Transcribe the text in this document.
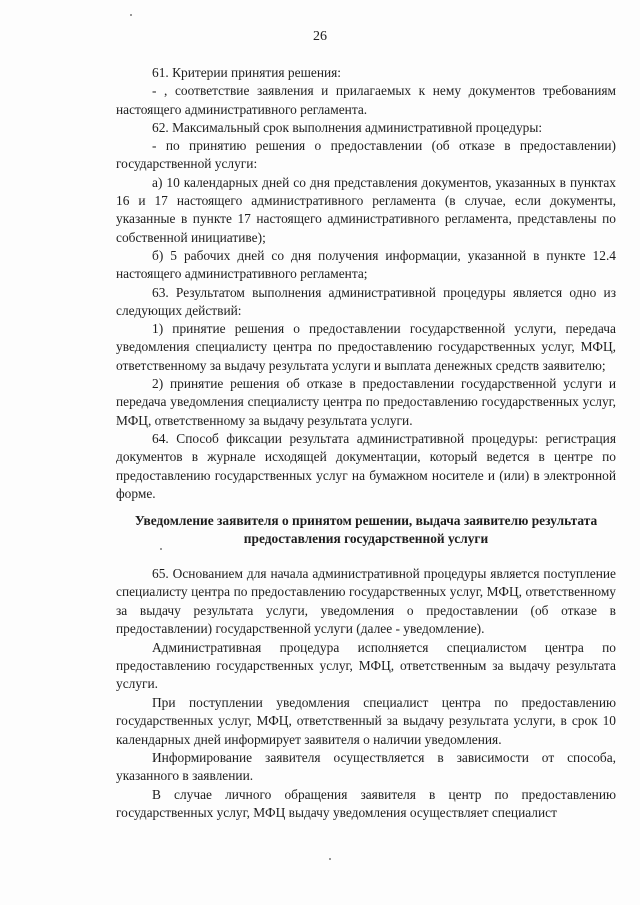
26

61. Критерии принятия решения:

- , соответствие заявления и прилагаемых к нему документов требованиям настоящего административного регламента.

62. Максимальный срок выполнения административной процедуры:

- по принятию решения о предоставлении (об отказе в предоставлении) государственной услуги:

а) 10 календарных дней со дня представления документов, указанных в пунктах 16 и 17 настоящего административного регламента (в случае, если документы, указанные в пункте 17 настоящего административного регламента, представлены по собственной инициативе);

б) 5 рабочих дней со дня получения информации, указанной в пункте 12.4 настоящего административного регламента;

63. Результатом выполнения административной процедуры является одно из следующих действий:

1) принятие решения о предоставлении государственной услуги, передача уведомления специалисту центра по предоставлению государственных услуг, МФЦ, ответственному за выдачу результата услуги и выплата денежных средств заявителю;

2) принятие решения об отказе в предоставлении государственной услуги и передача уведомления специалисту центра по предоставлению государственных услуг, МФЦ, ответственному за выдачу результата услуги.

64. Способ фиксации результата административной процедуры: регистрация документов в журнале исходящей документации, который ведется в центре по предоставлению государственных услуг на бумажном носителе и (или) в электронной форме.

Уведомление заявителя о принятом решении, выдача заявителю результата предоставления государственной услуги

65. Основанием для начала административной процедуры является поступление специалисту центра по предоставлению государственных услуг, МФЦ, ответственному за выдачу результата услуги, уведомления о предоставлении (об отказе в предоставлении) государственной услуги (далее - уведомление).

Административная процедура исполняется специалистом центра по предоставлению государственных услуг, МФЦ, ответственным за выдачу результата услуги.

При поступлении уведомления специалист центра по предоставлению государственных услуг, МФЦ, ответственный за выдачу результата услуги, в срок 10 календарных дней информирует заявителя о наличии уведомления.

Информирование заявителя осуществляется в зависимости от способа, указанного в заявлении.

В случае личного обращения заявителя в центр по предоставлению государственных услуг, МФЦ выдачу уведомления осуществляет специалист
